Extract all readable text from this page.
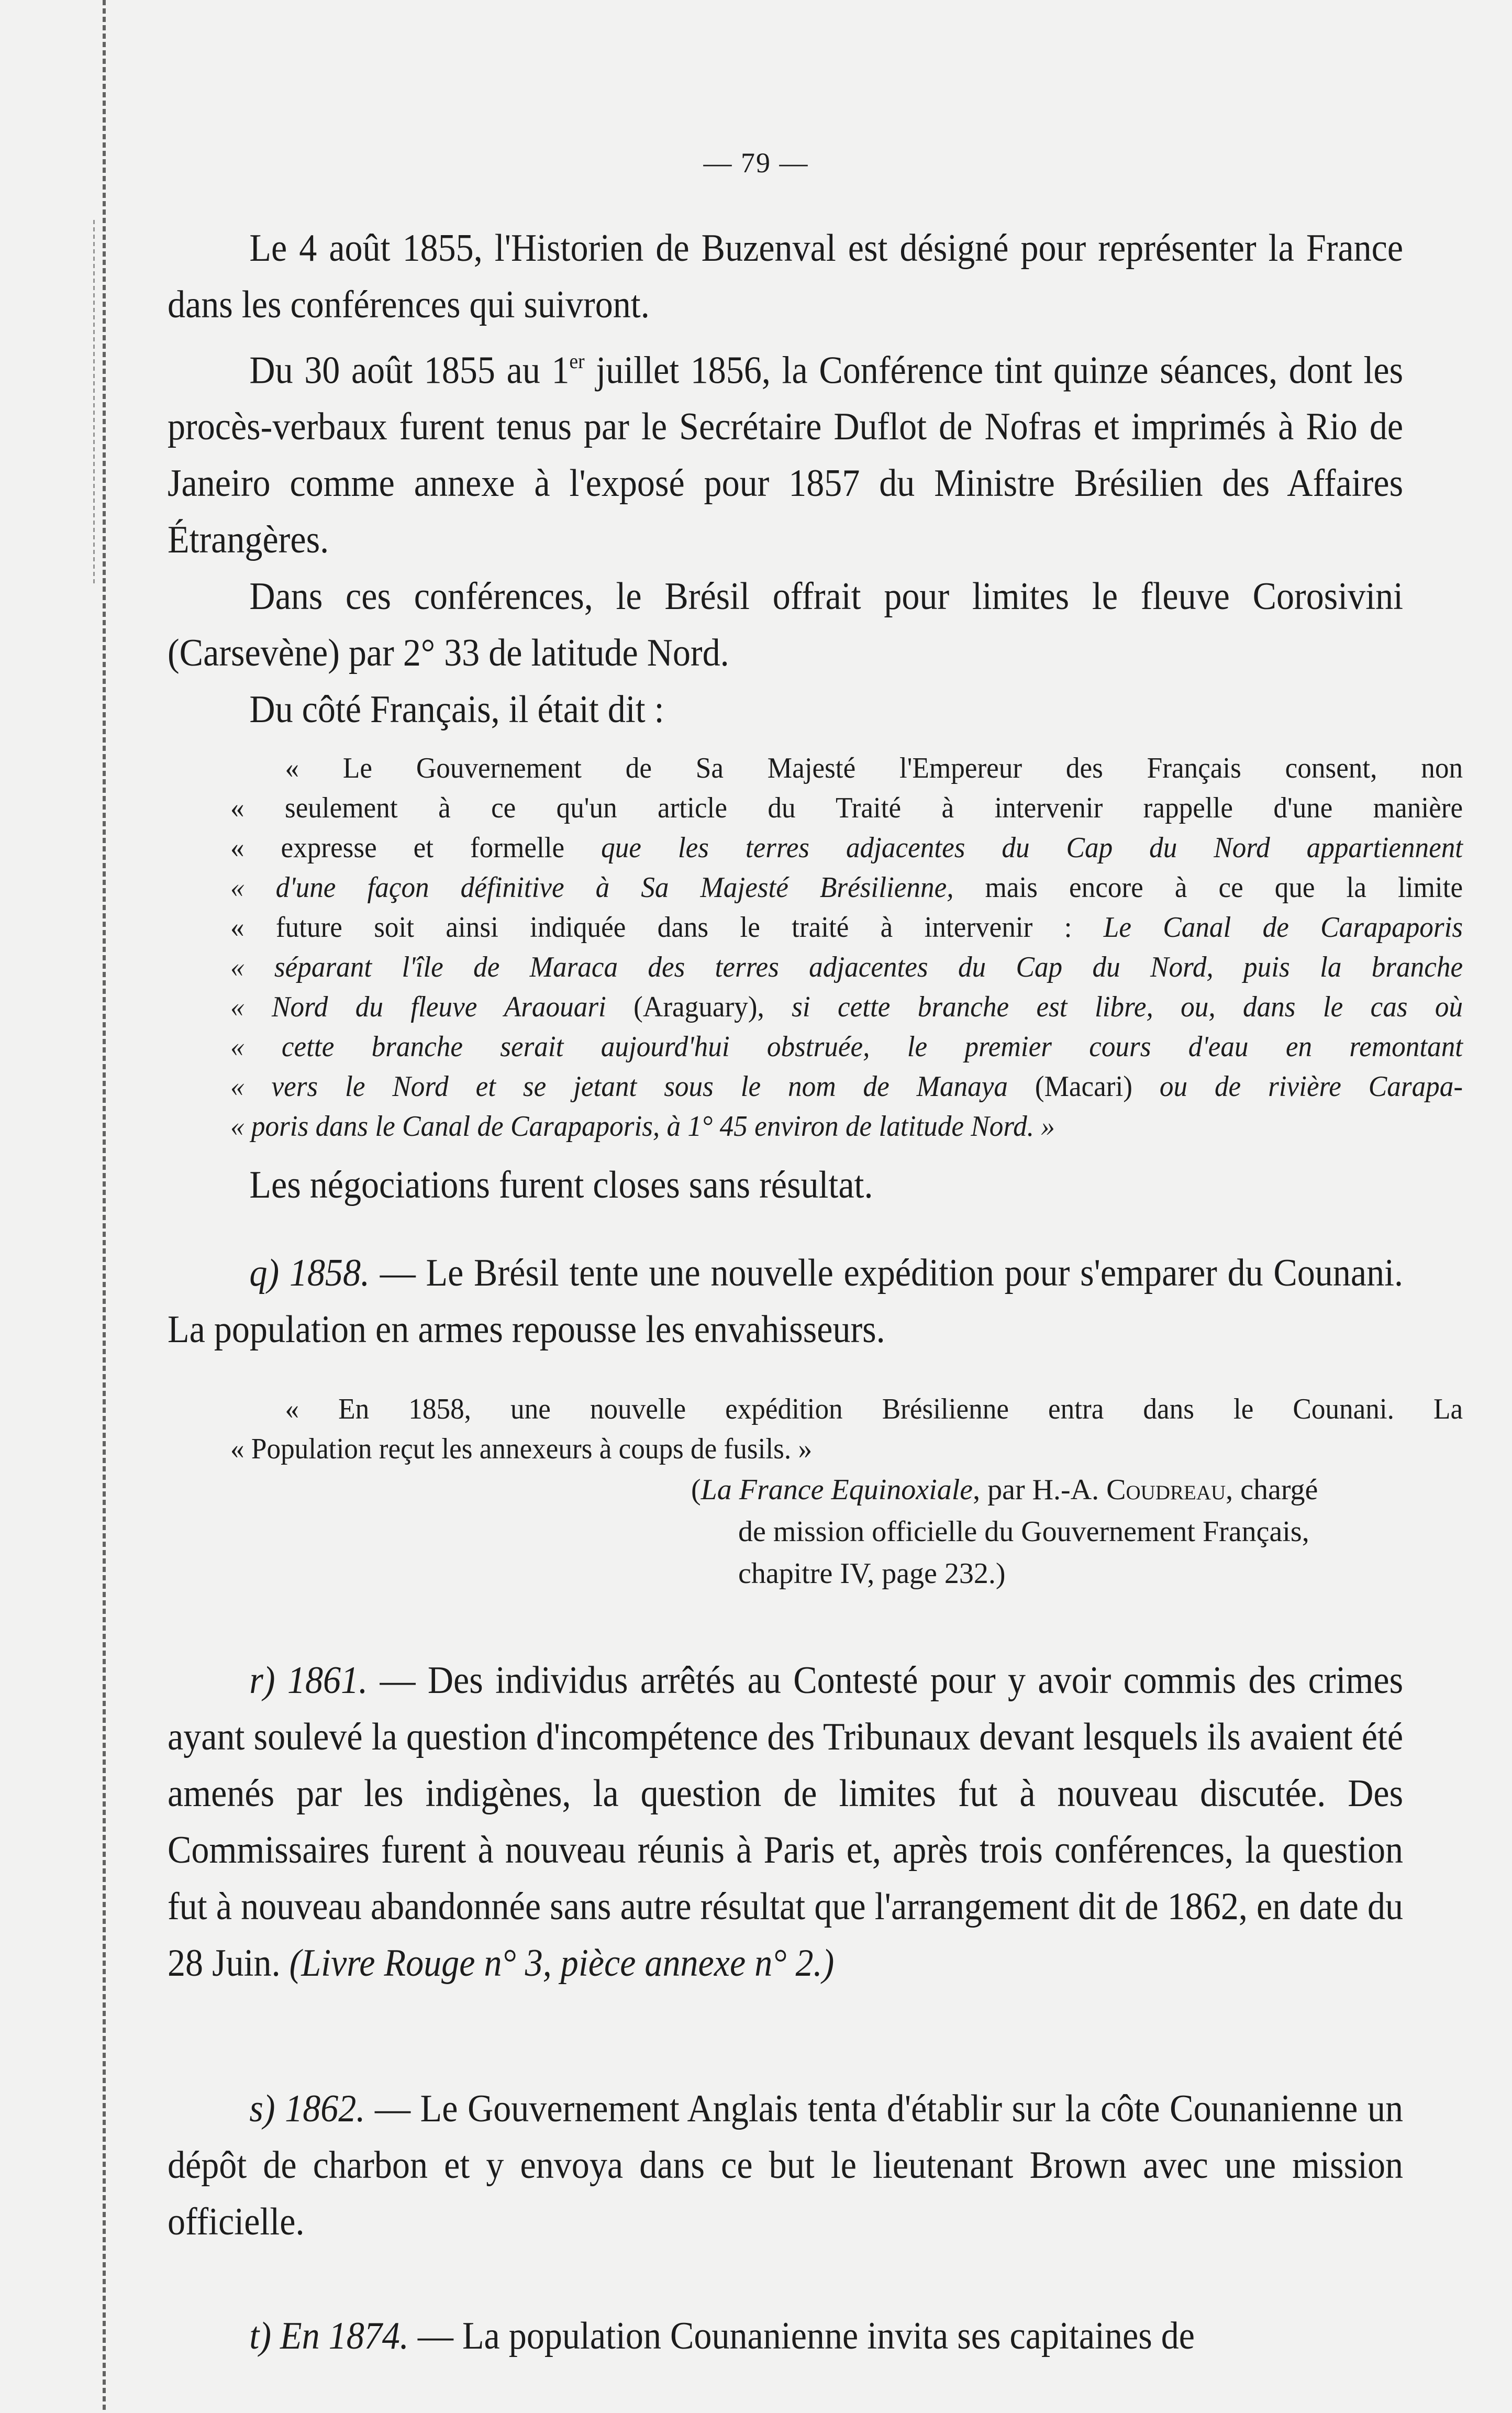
— 79 —

Le 4 août 1855, l'Historien de Buzenval est désigné pour représenter la France dans les conférences qui suivront.

Du 30 août 1855 au 1er juillet 1856, la Conférence tint quinze séances, dont les procès-verbaux furent tenus par le Secrétaire Duflot de Nofras et imprimés à Rio de Janeiro comme annexe à l'exposé pour 1857 du Ministre Brésilien des Affaires Étrangères.

Dans ces conférences, le Brésil offrait pour limites le fleuve Corosivini (Carsevène) par 2° 33 de latitude Nord.

Du côté Français, il était dit :

« Le Gouvernement de Sa Majesté l'Empereur des Français consent, non
« seulement à ce qu'un article du Traité à intervenir rappelle d'une manière
« expresse et formelle que les terres adjacentes du Cap du Nord appartiennent
« d'une façon définitive à Sa Majesté Brésilienne, mais encore à ce que la limite
« future soit ainsi indiquée dans le traité à intervenir : Le Canal de Carapaporis
« séparant l'île de Maraca des terres adjacentes du Cap du Nord, puis la branche
« Nord du fleuve Araouari (Araguary), si cette branche est libre, ou, dans le cas où
« cette branche serait aujourd'hui obstruée, le premier cours d'eau en remontant
« vers le Nord et se jetant sous le nom de Manaya (Macari) ou de rivière Carapa-
« poris dans le Canal de Carapaporis, à 1° 45 environ de latitude Nord. »

Les négociations furent closes sans résultat.

q) 1858. — Le Brésil tente une nouvelle expédition pour s'emparer du Counani. La population en armes repousse les envahisseurs.

« En 1858, une nouvelle expédition Brésilienne entra dans le Counani. La
« Population reçut les annexeurs à coups de fusils. »
(La France Equinoxiale, par H.-A. Coudreau, chargé
de mission officielle du Gouvernement Français,
chapitre IV, page 232.)

r) 1861. — Des individus arrêtés au Contesté pour y avoir commis des crimes ayant soulevé la question d'incompétence des Tribunaux devant lesquels ils avaient été amenés par les indigènes, la question de limites fut à nouveau discutée. Des Commissaires furent à nouveau réunis à Paris et, après trois conférences, la question fut à nouveau abandonnée sans autre résultat que l'arrangement dit de 1862, en date du 28 Juin. (Livre Rouge n° 3, pièce annexe n° 2.)

s) 1862. — Le Gouvernement Anglais tenta d'établir sur la côte Counanienne un dépôt de charbon et y envoya dans ce but le lieutenant Brown avec une mission officielle.

t) En 1874. — La population Counanienne invita ses capitaines de
